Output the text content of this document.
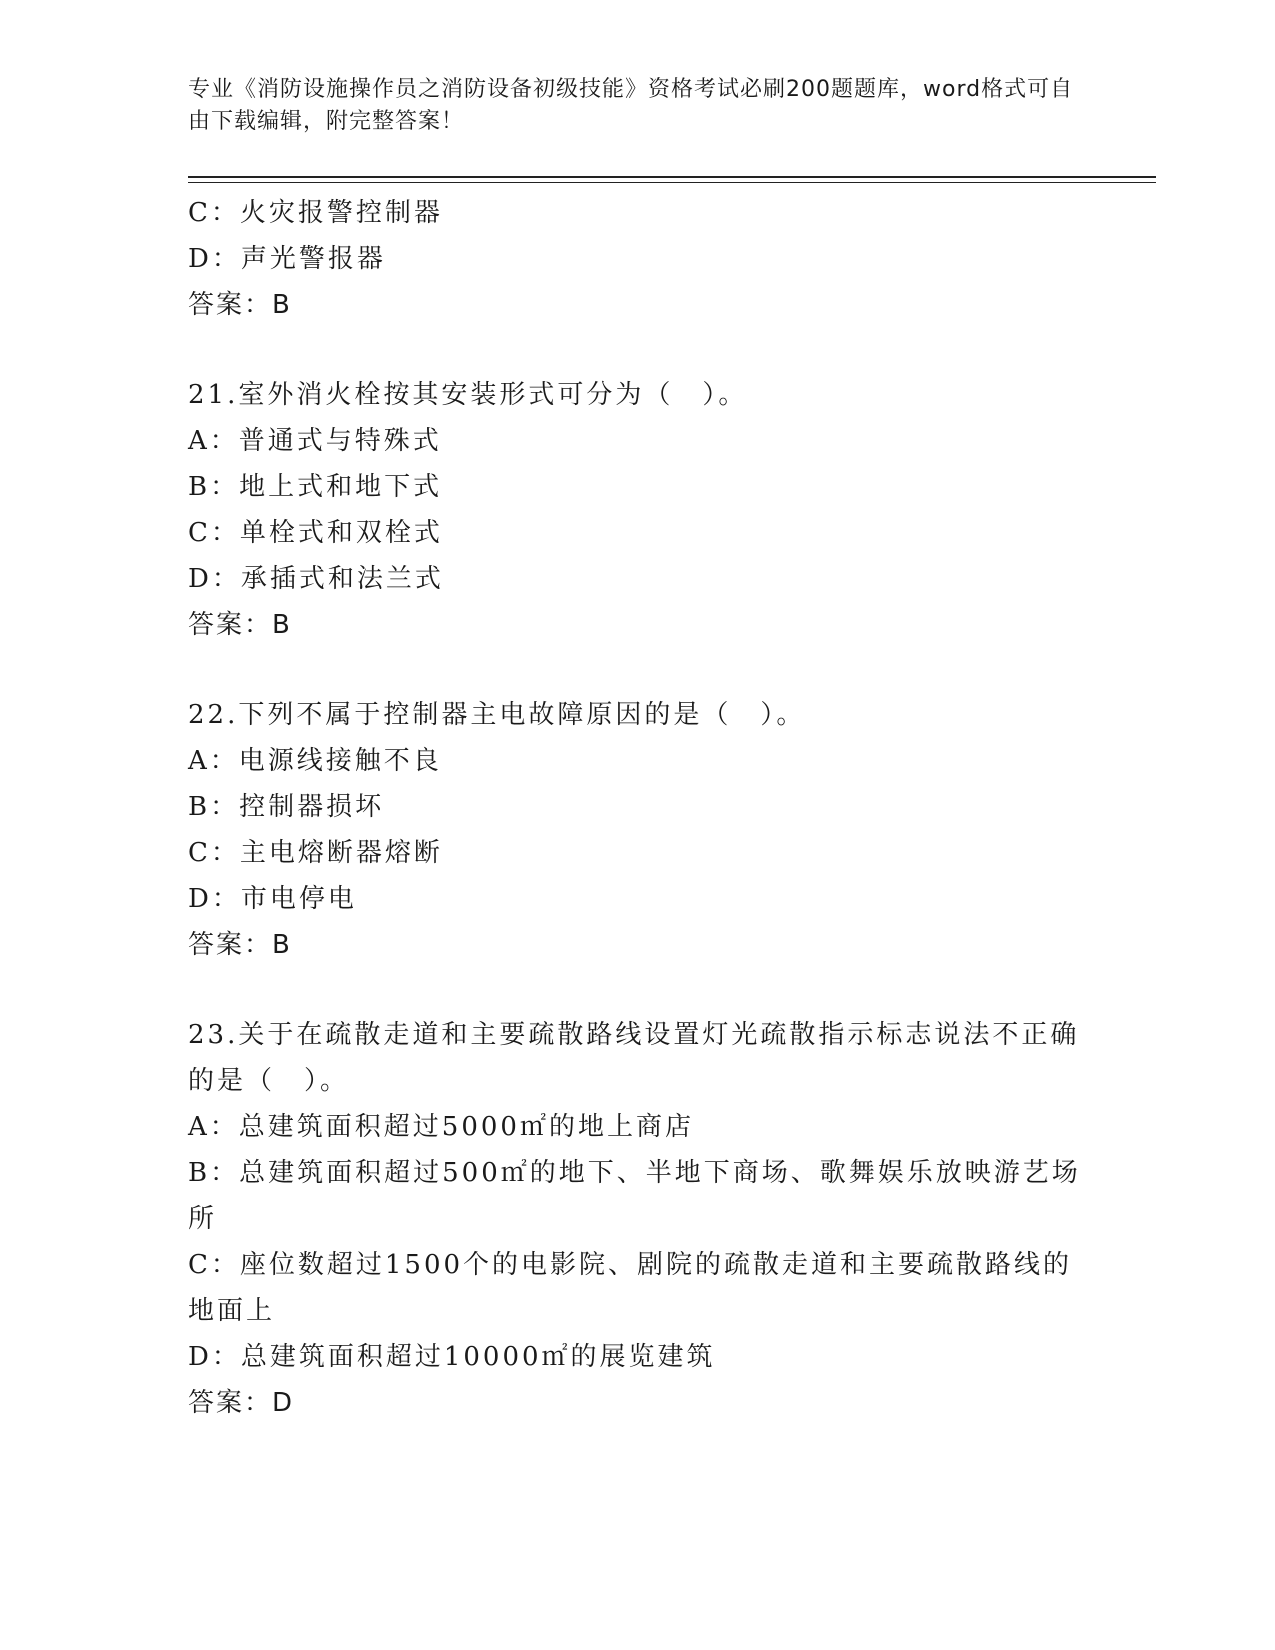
专业《消防设施操作员之消防设备初级技能》资格考试必刷200题题库，word格式可自由下载编辑，附完整答案！
C：火灾报警控制器
D：声光警报器
答案：B
21.室外消火栓按其安装形式可分为（　）。
A：普通式与特殊式
B：地上式和地下式
C：单栓式和双栓式
D：承插式和法兰式
答案：B
22.下列不属于控制器主电故障原因的是（　）。
A：电源线接触不良
B：控制器损坏
C：主电熔断器熔断
D：市电停电
答案：B
23.关于在疏散走道和主要疏散路线设置灯光疏散指示标志说法不正确
的是（　）。
A：总建筑面积超过5000㎡的地上商店
B：总建筑面积超过500㎡的地下、半地下商场、歌舞娱乐放映游艺场
所
C：座位数超过1500个的电影院、剧院的疏散走道和主要疏散路线的
地面上
D：总建筑面积超过10000㎡的展览建筑
答案：D
